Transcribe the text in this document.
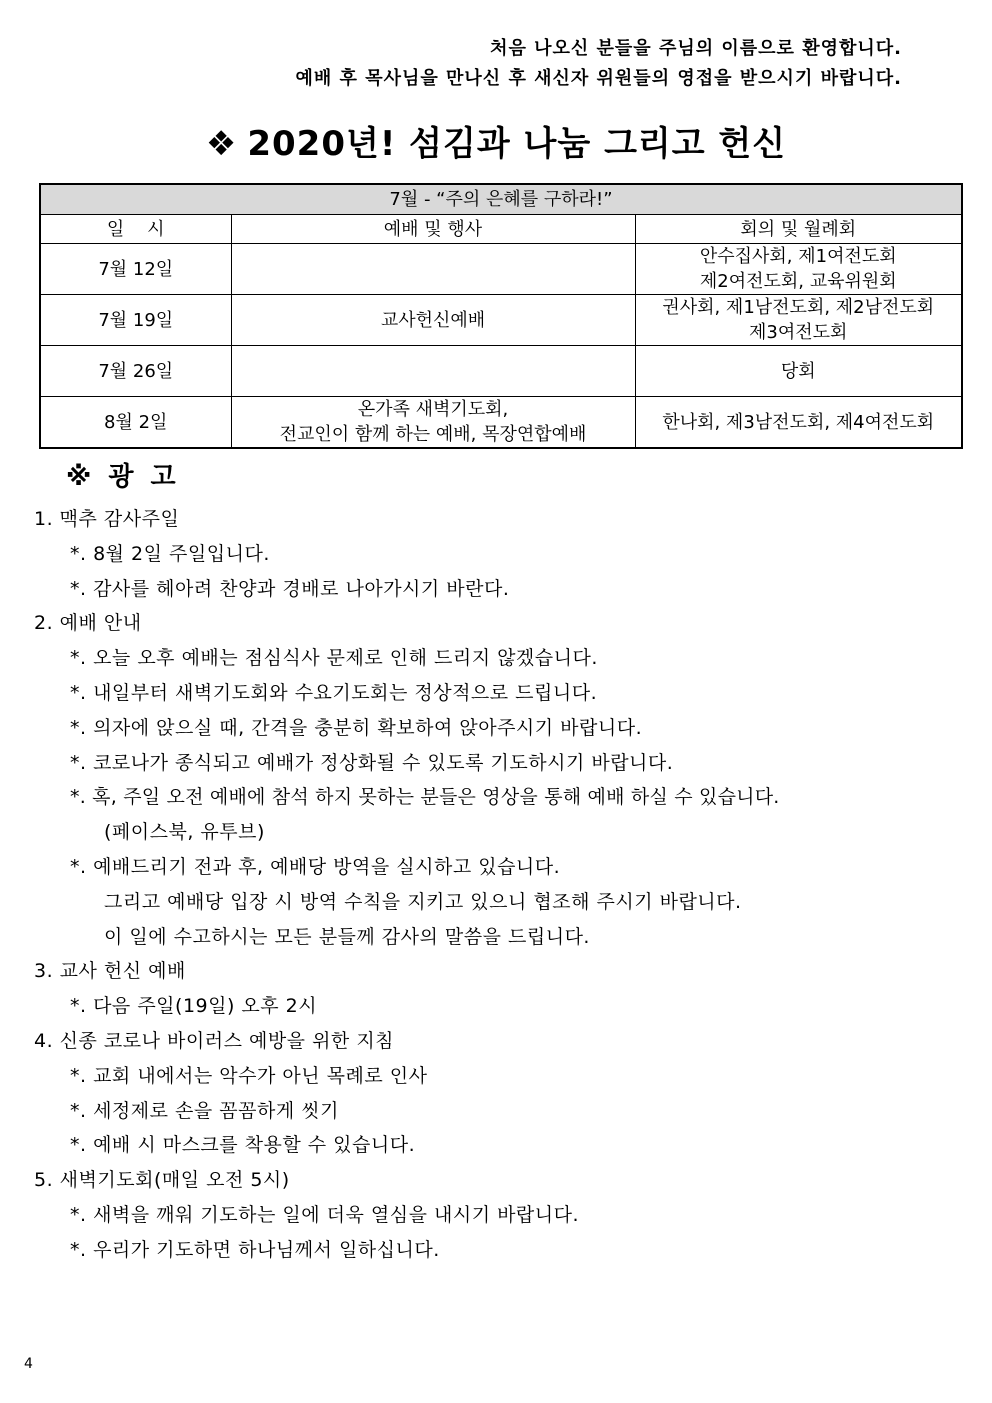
처음 나오신 분들을 주님의 이름으로 환영합니다.
예배 후 목사님을 만나신 후 새신자 위원들의 영접을 받으시기 바랍니다.
❖ 2020년! 섬김과 나눔 그리고 헌신
7월 - “주의 은혜를 구하라!”		
일    시	예배 및 행사	회의 및 월례회
7월 12일		안수집사회, 제1여전도회
제2여전도회, 교육위원회

7월 19일	교사헌신예배	권사회, 제1남전도회, 제2남전도회
제3여전도회

7월 26일		당회
8월 2일	온가족 새벽기도회,
전교인이 함께 하는 예배, 목장연합예배	한나회, 제3남전도회, 제4여전도회
※ 광 고

1. 맥추 감사주일

*. 8월 2일 주일입니다.

*. 감사를 헤아려 찬양과 경배로 나아가시기 바란다.

2. 예배 안내

*. 오늘 오후 예배는 점심식사 문제로 인해 드리지 않겠습니다.

*. 내일부터 새벽기도회와 수요기도회는 정상적으로 드립니다.

*. 의자에 앉으실 때, 간격을 충분히 확보하여 앉아주시기 바랍니다.

*. 코로나가 종식되고 예배가 정상화될 수 있도록 기도하시기 바랍니다.

*. 혹, 주일 오전 예배에 참석 하지 못하는 분들은 영상을 통해 예배 하실 수 있습니다.

(페이스북, 유투브)

*. 예배드리기 전과 후, 예배당 방역을 실시하고 있습니다.

그리고 예배당 입장 시 방역 수칙을 지키고 있으니 협조해 주시기 바랍니다.

이 일에 수고하시는 모든 분들께 감사의 말씀을 드립니다.

3. 교사 헌신 예배

*. 다음 주일(19일) 오후 2시

4. 신종 코로나 바이러스 예방을 위한 지침

*. 교회 내에서는 악수가 아닌 목례로 인사

*. 세정제로 손을 꼼꼼하게 씻기

*. 예배 시 마스크를 착용할 수 있습니다.

5. 새벽기도회(매일 오전 5시)

*. 새벽을 깨워 기도하는 일에 더욱 열심을 내시기 바랍니다.

*. 우리가 기도하면 하나님께서 일하십니다.

4
